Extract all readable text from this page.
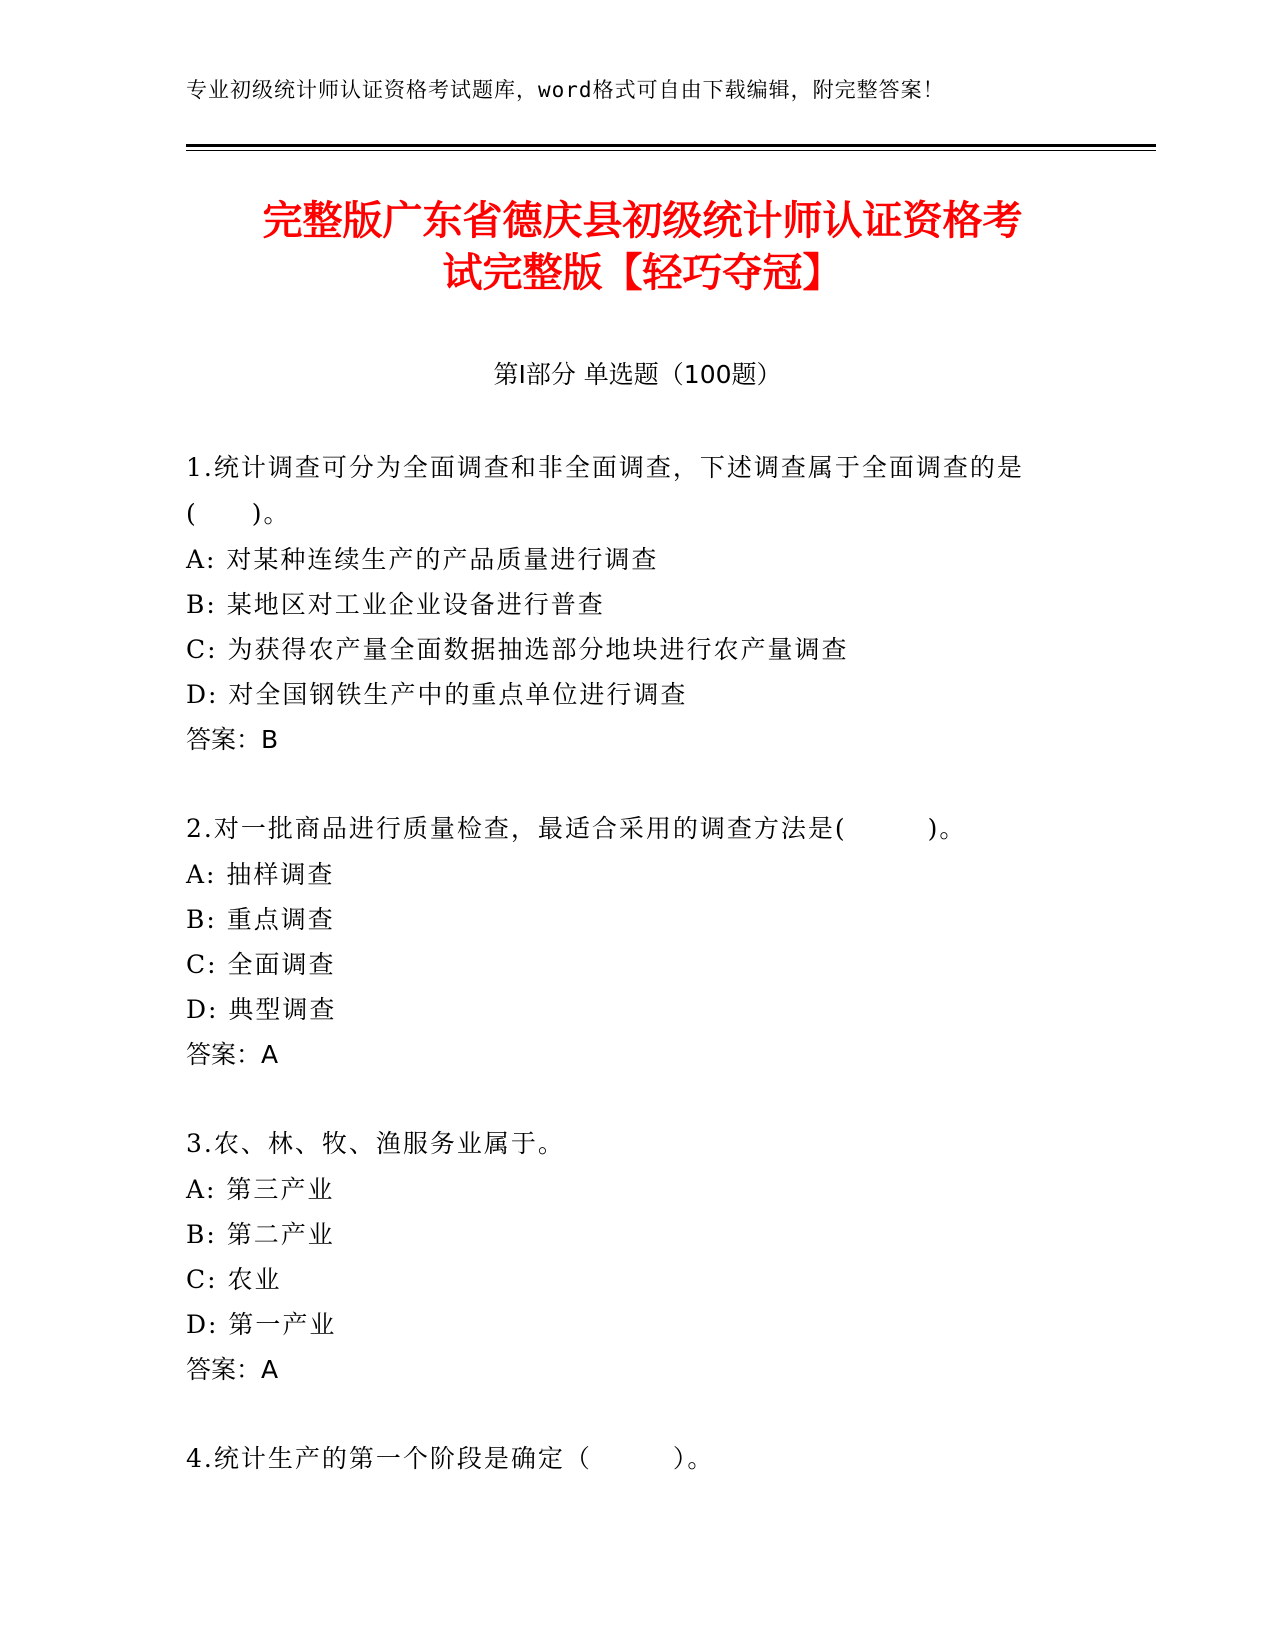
专业初级统计师认证资格考试题库，word格式可自由下载编辑，附完整答案！
完整版广东省德庆县初级统计师认证资格考
试完整版【轻巧夺冠】
第Ⅰ部分 单选题（100题）
1.统计调查可分为全面调查和非全面调查，下述调查属于全面调查的是(　　)。
A: 对某种连续生产的产品质量进行调查
B: 某地区对工业企业设备进行普查
C: 为获得农产量全面数据抽选部分地块进行农产量调查
D: 对全国钢铁生产中的重点单位进行调查
答案：B
2.对一批商品进行质量检查，最适合采用的调查方法是(　　　)。
A: 抽样调查
B: 重点调查
C: 全面调查
D: 典型调查
答案：A
3.农、林、牧、渔服务业属于。
A: 第三产业
B: 第二产业
C: 农业
D: 第一产业
答案：A
4.统计生产的第一个阶段是确定（　　　）。
